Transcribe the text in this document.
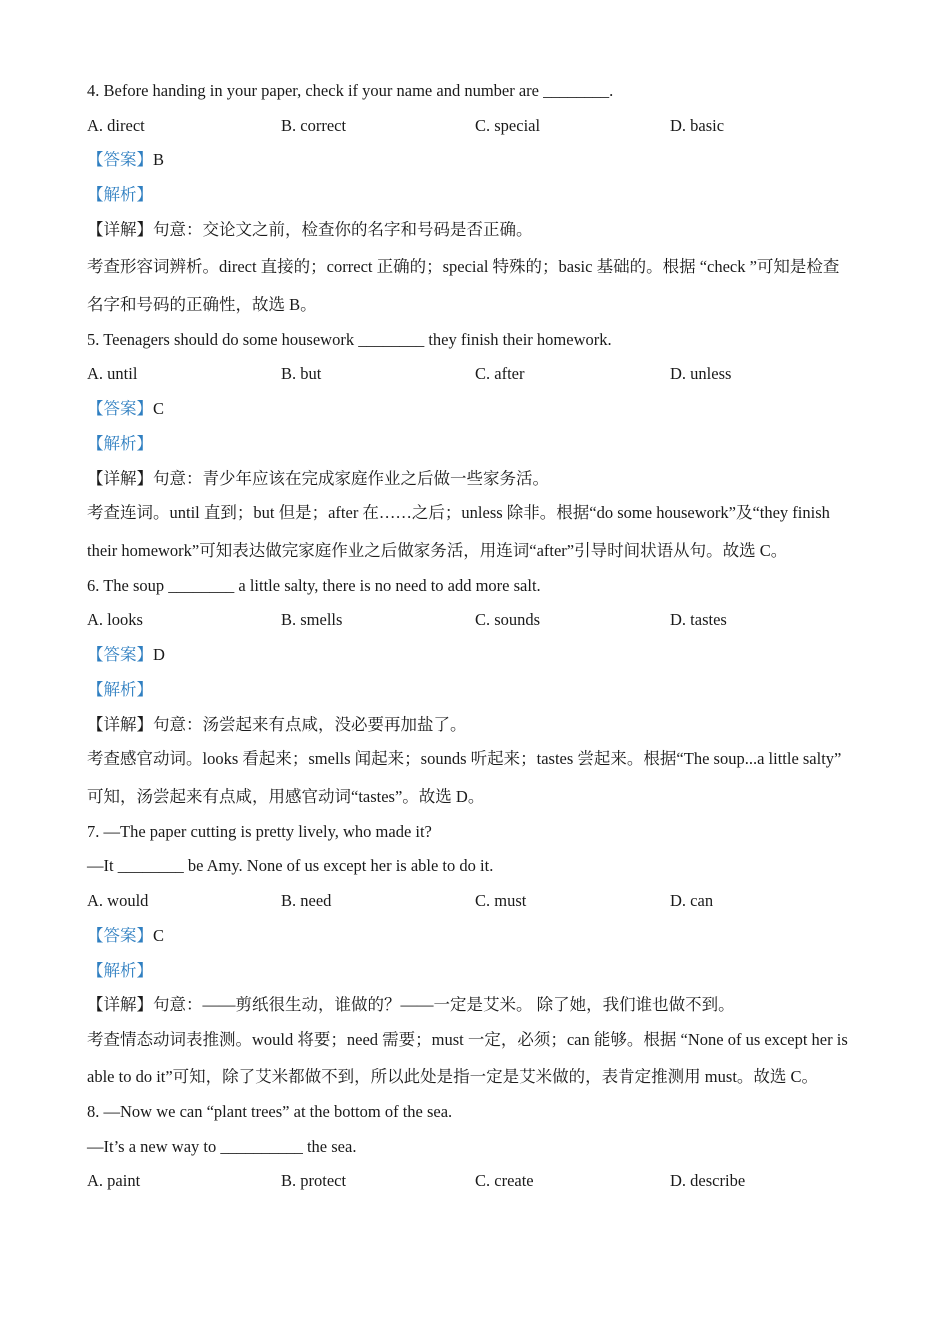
4. Before handing in your paper, check if your name and number are ________.
A. direct	B. correct	C. special	D. basic
【答案】B
【解析】
【详解】句意：交论文之前，检查你的名字和号码是否正确。
考查形容词辨析。direct 直接的；correct 正确的；special 特殊的；basic 基础的。根据 “check ”可知是检查
名字和号码的正确性，故选 B。
5. Teenagers should do some housework ________ they finish their homework.
A. until	B. but	C. after	D. unless
【答案】C
【解析】
【详解】句意：青少年应该在完成家庭作业之后做一些家务活。
考查连词。until 直到；but 但是；after 在……之后；unless 除非。根据“do some housework”及“they finish
their homework”可知表达做完家庭作业之后做家务活，用连词“after”引导时间状语从句。故选 C。
6. The soup ________ a little salty, there is no need to add more salt.
A. looks	B. smells	C. sounds	D. tastes
【答案】D
【解析】
【详解】句意：汤尝起来有点咸，没必要再加盐了。
考查感官动词。looks 看起来；smells 闻起来；sounds 听起来；tastes 尝起来。根据“The soup...a little salty”
可知，汤尝起来有点咸，用感官动词“tastes”。故选 D。
7. —The paper cutting is pretty lively, who made it?
—It ________ be Amy. None of us except her is able to do it.
A. would	B. need	C. must	D. can
【答案】C
【解析】
【详解】句意：——剪纸很生动，谁做的？——一定是艾米。 除了她，我们谁也做不到。
考查情态动词表推测。would 将要；need 需要；must 一定，必须；can 能够。根据 “None of us except her is
able to do it”可知，除了艾米都做不到，所以此处是指一定是艾米做的，表肯定推测用 must。故选 C。
8. —Now we can “plant trees” at the bottom of the sea.
—It’s a new way to __________ the sea.
A. paint	B. protect	C. create	D. describe
